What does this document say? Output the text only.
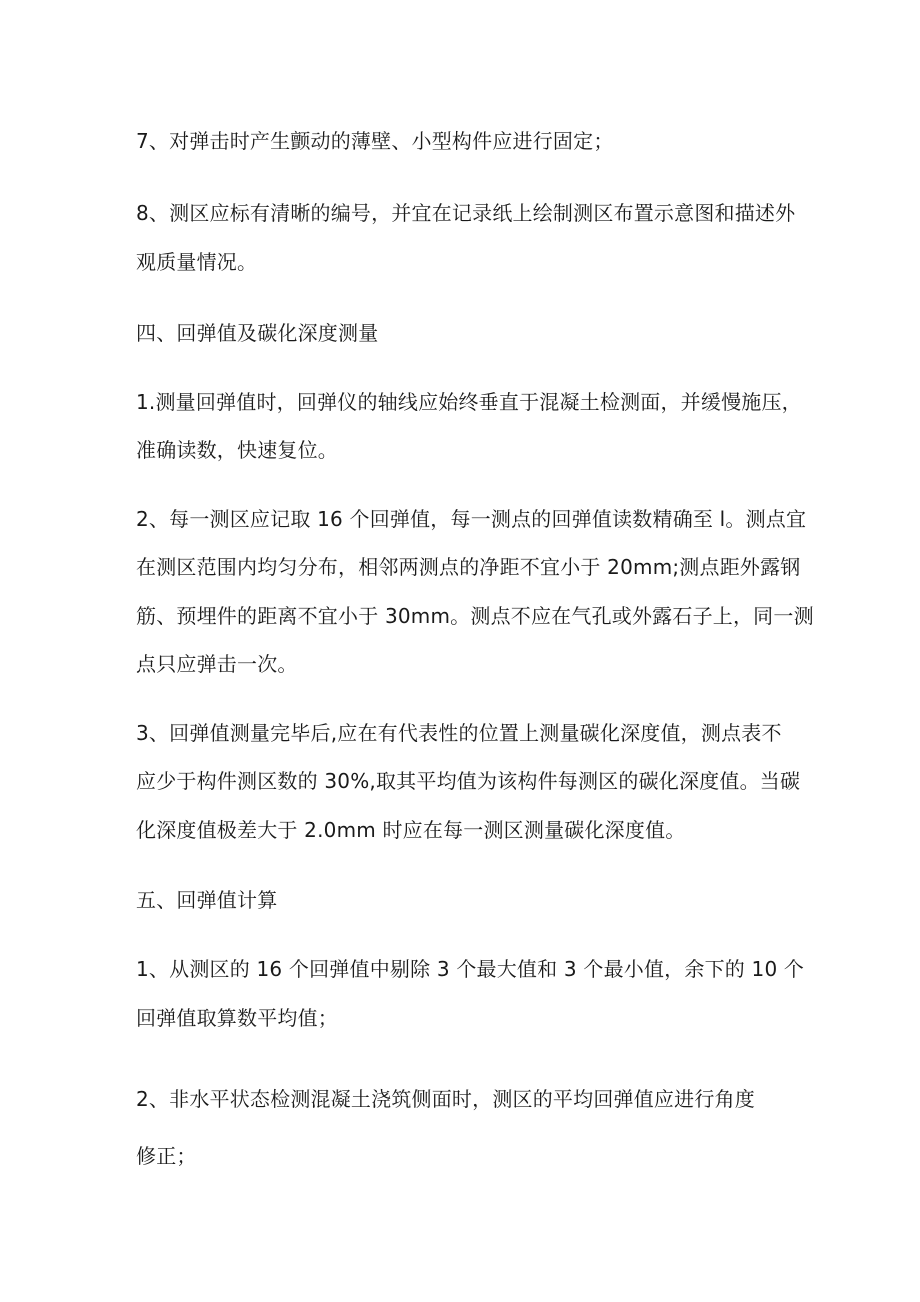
7、对弹击时产生颤动的薄壁、小型构件应进行固定；
8、测区应标有清晰的编号，并宜在记录纸上绘制测区布置示意图和描述外
观质量情况。
四、回弹值及碳化深度测量
1.测量回弹值时，回弹仪的轴线应始终垂直于混凝土检测面，并缓慢施压，
准确读数，快速复位。
2、每一测区应记取 16 个回弹值，每一测点的回弹值读数精确至 l。测点宜
在测区范围内均匀分布，相邻两测点的净距不宜小于 20mm;测点距外露钢
筋、预埋件的距离不宜小于 30mm。测点不应在气孔或外露石子上，同一测
点只应弹击一次。
3、回弹值测量完毕后,应在有代表性的位置上测量碳化深度值，测点表不
应少于构件测区数的 30%,取其平均值为该构件每测区的碳化深度值。当碳
化深度值极差大于 2.0mm 时应在每一测区测量碳化深度值。
五、回弹值计算
1、从测区的 16 个回弹值中剔除 3 个最大值和 3 个最小值，余下的 10 个
回弹值取算数平均值；
2、非水平状态检测混凝土浇筑侧面时，测区的平均回弹值应进行角度
修正；
